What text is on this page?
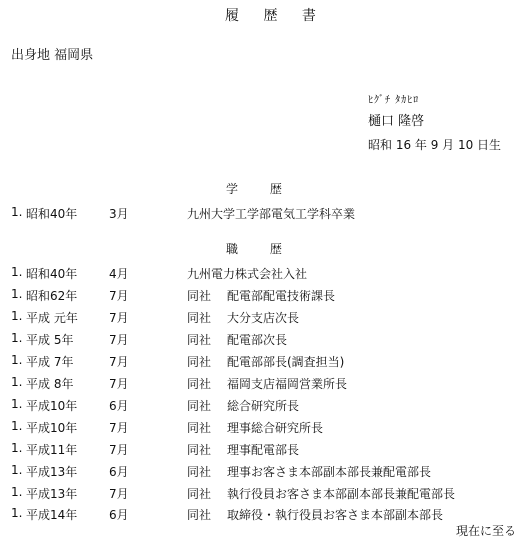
履 歴 書
出身地 福岡県
ﾋｸﾞﾁ ﾀｶﾋﾛ
樋口 隆啓
昭和 16 年 9 月 10 日生
学 歴
1. 昭和40年	3月	九州大学工学部電気工学科卒業
職 歴
1. 昭和40年	4月	九州電力株式会社入社
1. 昭和62年	7月	同社 配電部配電技術課長
1. 平成 元年	7月	同社 大分支店次長
1. 平成 5年	7月	同社 配電部次長
1. 平成 7年	7月	同社 配電部部長(調査担当)
1. 平成 8年	7月	同社 福岡支店福岡営業所長
1. 平成10年	6月	同社 総合研究所長
1. 平成10年	7月	同社 理事総合研究所長
1. 平成11年	7月	同社 理事配電部長
1. 平成13年	6月	同社 理事お客さま本部副本部長兼配電部長
1. 平成13年	7月	同社 執行役員お客さま本部副本部長兼配電部長
1. 平成14年	6月	同社 取締役・執行役員お客さま本部副本部長
現在に至る
